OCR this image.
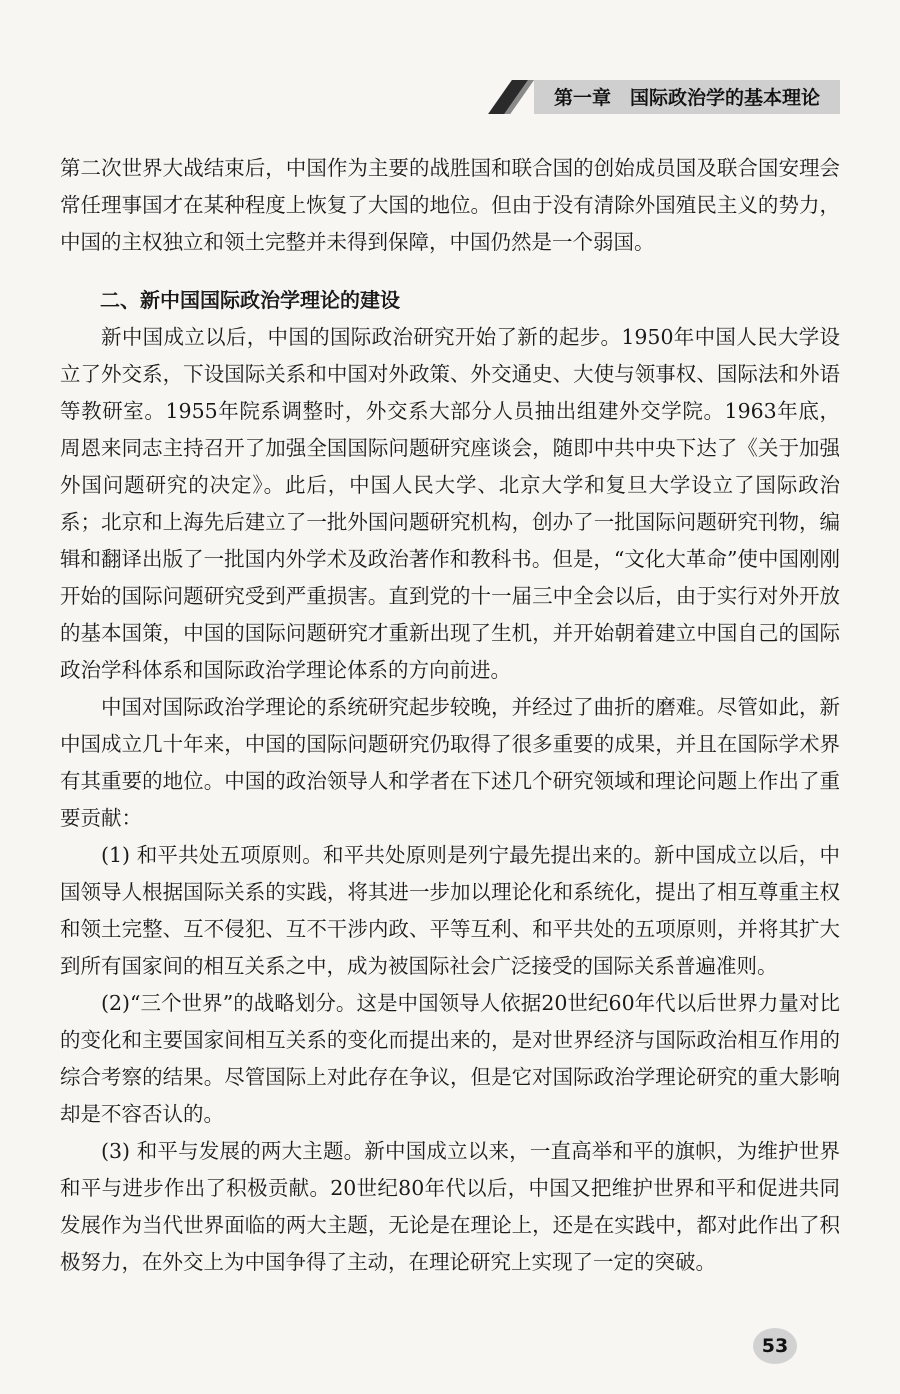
第一章　国际政治学的基本理论

第二次世界大战结束后，中国作为主要的战胜国和联合国的创始成员国及联合国安理会常任理事国才在某种程度上恢复了大国的地位。但由于没有清除外国殖民主义的势力，中国的主权独立和领土完整并未得到保障，中国仍然是一个弱国。

二、新中国国际政治学理论的建设

新中国成立以后，中国的国际政治研究开始了新的起步。1950年中国人民大学设立了外交系，下设国际关系和中国对外政策、外交通史、大使与领事权、国际法和外语等教研室。1955年院系调整时，外交系大部分人员抽出组建外交学院。1963年底，周恩来同志主持召开了加强全国国际问题研究座谈会，随即中共中央下达了《关于加强外国问题研究的决定》。此后，中国人民大学、北京大学和复旦大学设立了国际政治系；北京和上海先后建立了一批外国问题研究机构，创办了一批国际问题研究刊物，编辑和翻译出版了一批国内外学术及政治著作和教科书。但是，“文化大革命”使中国刚刚开始的国际问题研究受到严重损害。直到党的十一届三中全会以后，由于实行对外开放的基本国策，中国的国际问题研究才重新出现了生机，并开始朝着建立中国自己的国际政治学科体系和国际政治学理论体系的方向前进。

中国对国际政治学理论的系统研究起步较晚，并经过了曲折的磨难。尽管如此，新中国成立几十年来，中国的国际问题研究仍取得了很多重要的成果，并且在国际学术界有其重要的地位。中国的政治领导人和学者在下述几个研究领域和理论问题上作出了重要贡献：

(1) 和平共处五项原则。和平共处原则是列宁最先提出来的。新中国成立以后，中国领导人根据国际关系的实践，将其进一步加以理论化和系统化，提出了相互尊重主权和领土完整、互不侵犯、互不干涉内政、平等互利、和平共处的五项原则，并将其扩大到所有国家间的相互关系之中，成为被国际社会广泛接受的国际关系普遍准则。

(2)“三个世界”的战略划分。这是中国领导人依据20世纪60年代以后世界力量对比的变化和主要国家间相互关系的变化而提出来的，是对世界经济与国际政治相互作用的综合考察的结果。尽管国际上对此存在争议，但是它对国际政治学理论研究的重大影响却是不容否认的。

(3) 和平与发展的两大主题。新中国成立以来，一直高举和平的旗帜，为维护世界和平与进步作出了积极贡献。20世纪80年代以后，中国又把维护世界和平和促进共同发展作为当代世界面临的两大主题，无论是在理论上，还是在实践中，都对此作出了积极努力，在外交上为中国争得了主动，在理论研究上实现了一定的突破。

53
